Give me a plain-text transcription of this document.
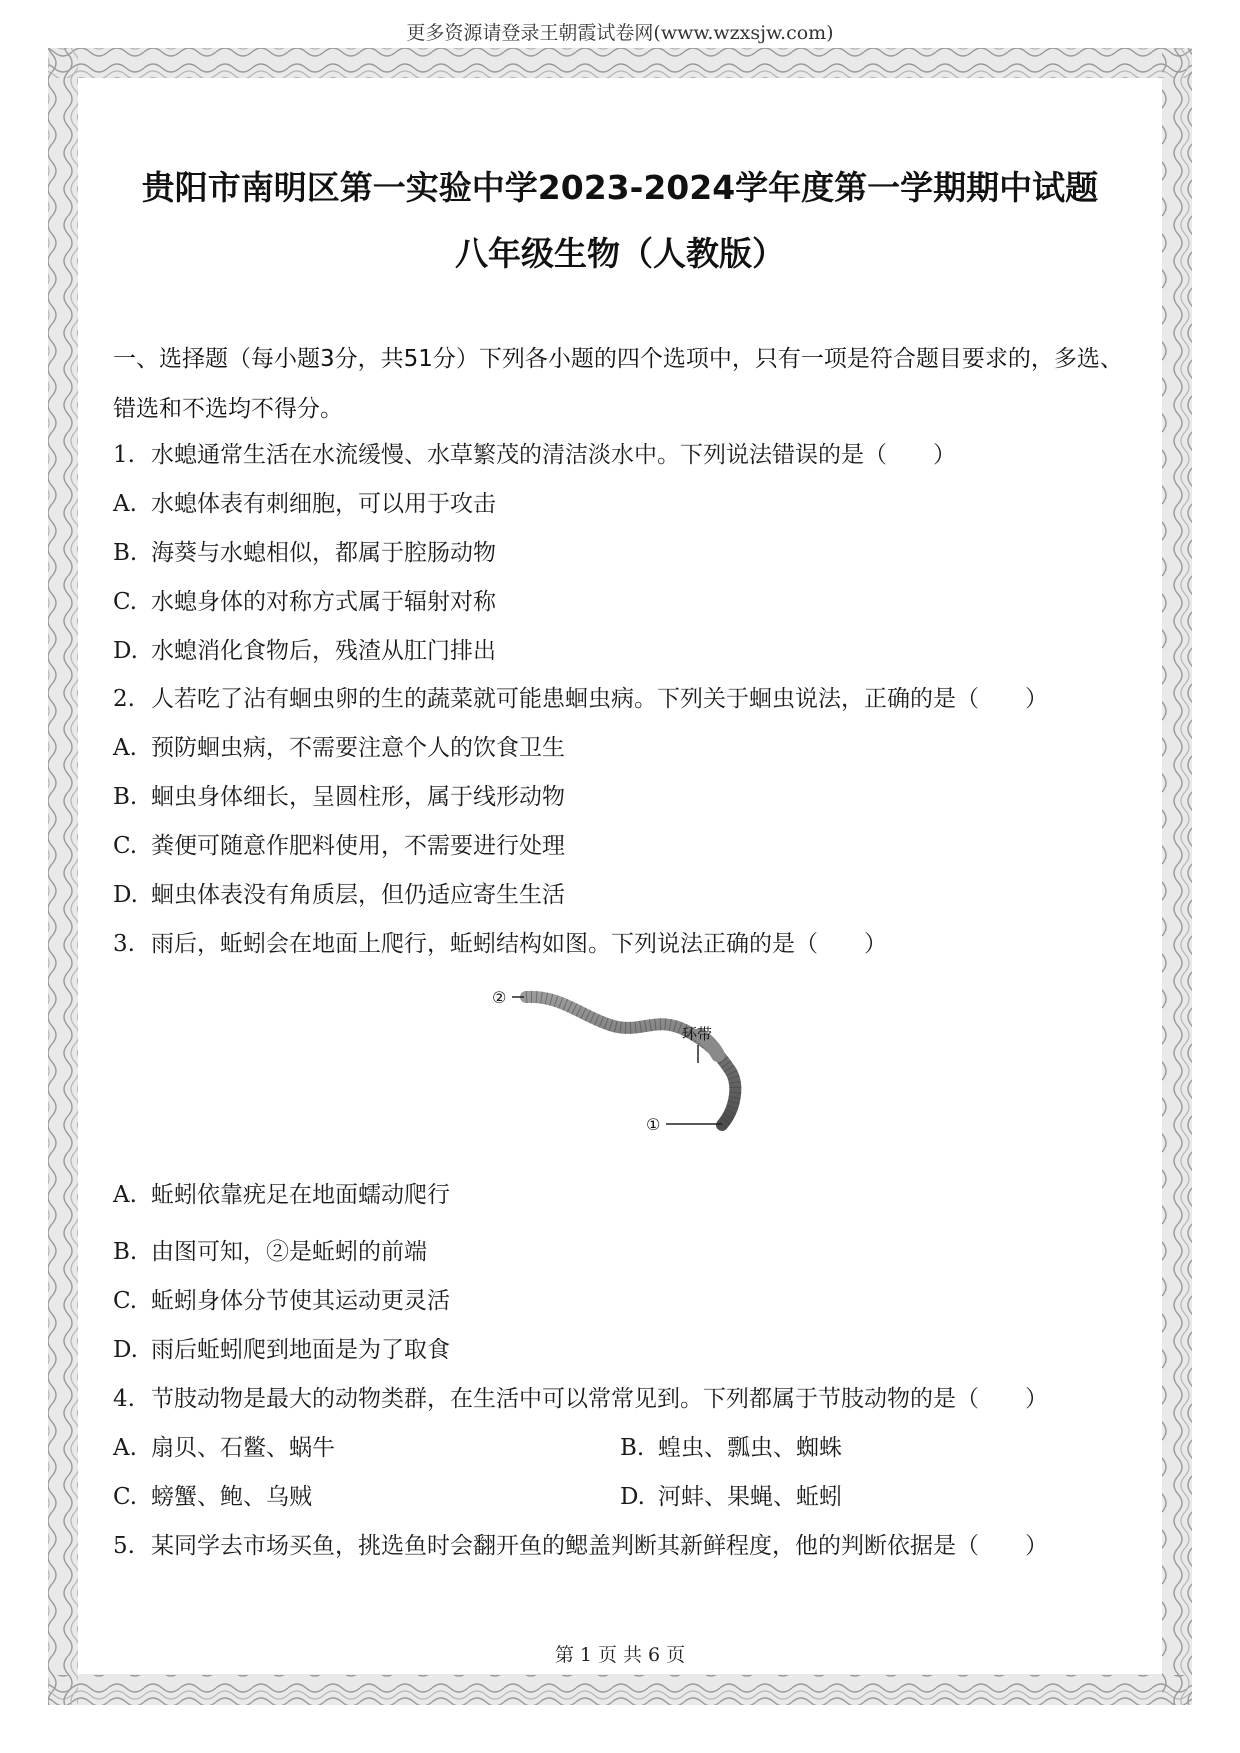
更多资源请登录王朝霞试卷网(www.wzxsjw.com)
贵阳市南明区第一实验中学2023-2024学年度第一学期期中试题
八年级生物（人教版）
一、选择题（每小题3分，共51分）下列各小题的四个选项中，只有一项是符合题目要求的，多选、错选和不选均不得分。
1. 水螅通常生活在水流缓慢、水草繁茂的清洁淡水中。下列说法错误的是（　　）
A. 水螅体表有刺细胞，可以用于攻击
B. 海葵与水螅相似，都属于腔肠动物
C. 水螅身体的对称方式属于辐射对称
D. 水螅消化食物后，残渣从肛门排出
2. 人若吃了沾有蛔虫卵的生的蔬菜就可能患蛔虫病。下列关于蛔虫说法，正确的是（　　）
A. 预防蛔虫病，不需要注意个人的饮食卫生
B. 蛔虫身体细长，呈圆柱形，属于线形动物
C. 粪便可随意作肥料使用，不需要进行处理
D. 蛔虫体表没有角质层，但仍适应寄生生活
3. 雨后，蚯蚓会在地面上爬行，蚯蚓结构如图。下列说法正确的是（　　）
②
环带
①
A. 蚯蚓依靠疣足在地面蠕动爬行
B. 由图可知，②是蚯蚓的前端
C. 蚯蚓身体分节使其运动更灵活
D. 雨后蚯蚓爬到地面是为了取食
4. 节肢动物是最大的动物类群，在生活中可以常常见到。下列都属于节肢动物的是（　　）
A. 扇贝、石鳖、蜗牛	B. 蝗虫、瓢虫、蜘蛛
C. 螃蟹、鲍、乌贼	D. 河蚌、果蝇、蚯蚓
5. 某同学去市场买鱼，挑选鱼时会翻开鱼的鳃盖判断其新鲜程度，他的判断依据是（　　）
第 1 页 共 6 页
